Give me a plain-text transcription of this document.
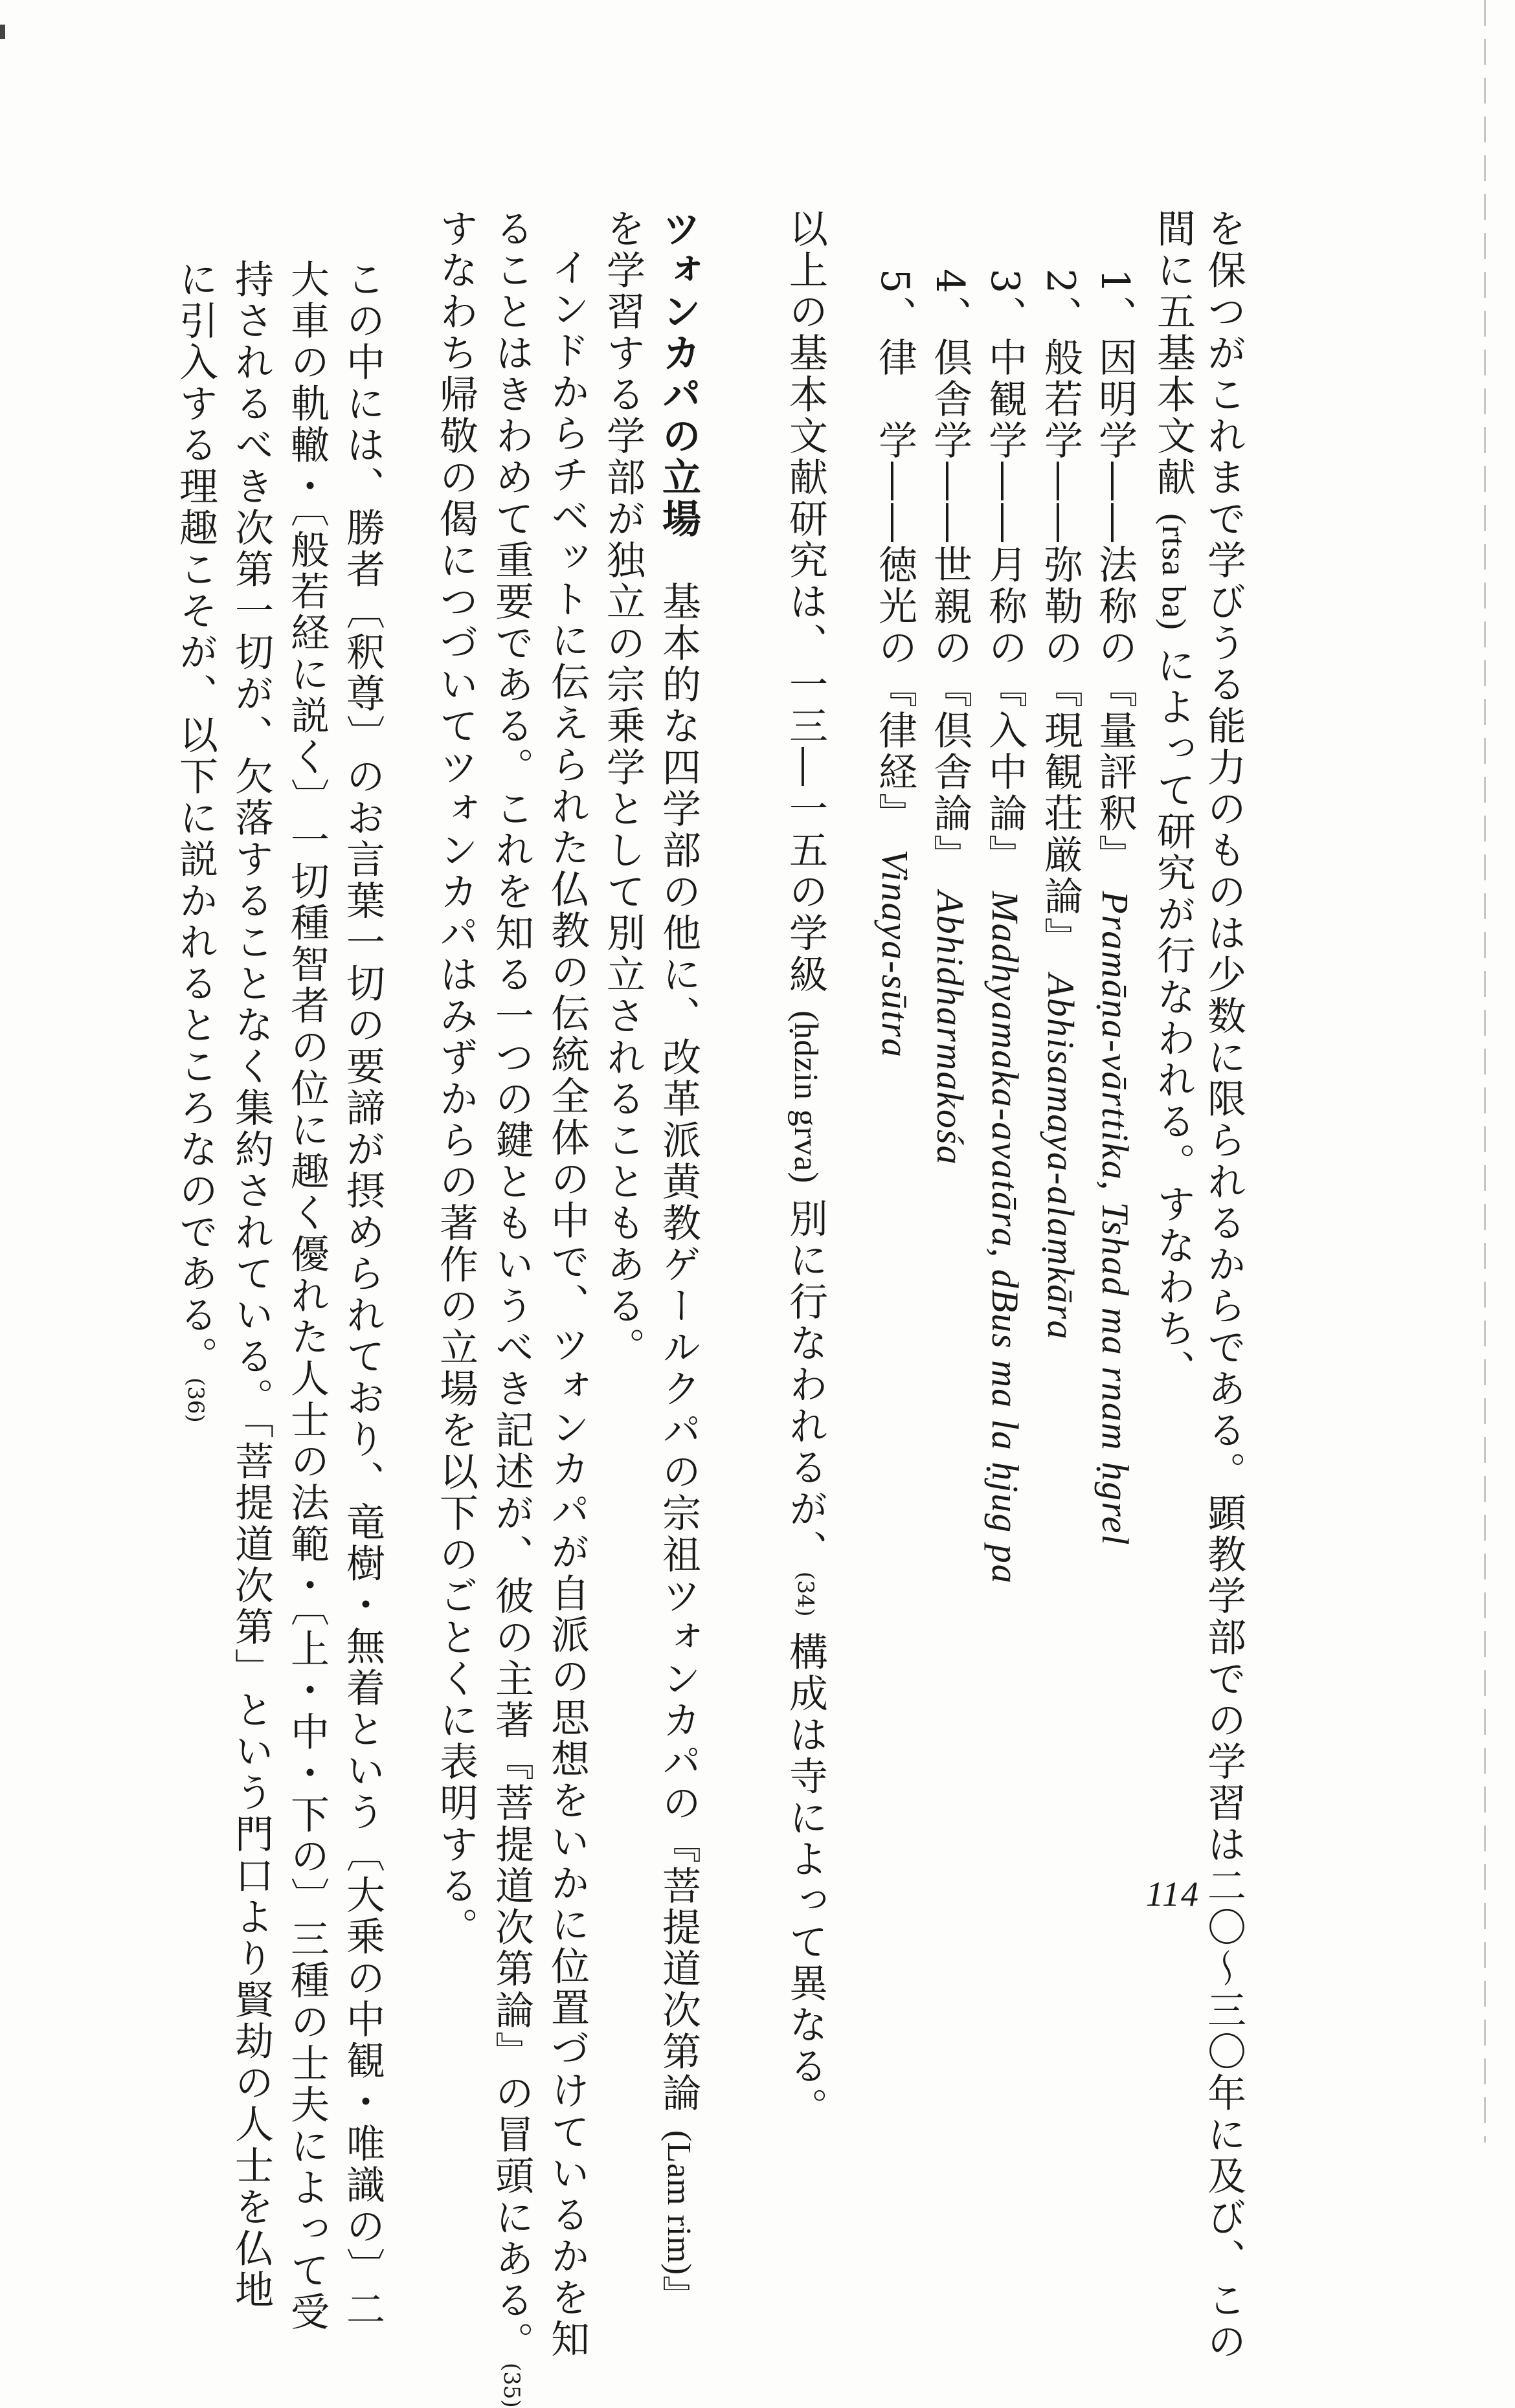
を保つがこれまで学びうる能力のものは少数に限られるからである。顕教学部での学習は二〇〜三〇年に及び、この
間に五基本文献 (rtsa ba) によって研究が行なわれる。すなわち、
1、因明学――法称の『量評釈』 Pramāṇa-vārttika, Tshad ma rnam ḥgrel
2、般若学――弥勒の『現観荘厳論』 Abhisamaya-alaṃkāra
3、中観学――月称の『入中論』 Madhyamaka-avatāra, dBus ma la ḥjug pa
4、倶舎学――世親の『倶舎論』 Abhidharmakośa
5、律　学――徳光の『律経』 Vinaya-sūtra
以上の基本文献研究は、一三―一五の学級 (ḥdzin grva) 別に行なわれるが、(34) 構成は寺によって異なる。
ツォンカパの立場　基本的な四学部の他に、改革派黄教ゲールクパの宗祖ツォンカパの『菩提道次第論 (Lam rim)』
を学習する学部が独立の宗乗学として別立されることもある。
インドからチベットに伝えられた仏教の伝統全体の中で、ツォンカパが自派の思想をいかに位置づけているかを知
ることはきわめて重要である。これを知る一つの鍵ともいうべき記述が、彼の主著『菩提道次第論』の冒頭にある。(35)
すなわち帰敬の偈につづいてツォンカパはみずからの著作の立場を以下のごとくに表明する。
この中には、勝者〔釈尊〕のお言葉一切の要諦が摂められており、竜樹・無着という〔大乗の中観・唯識の〕二
大車の軌轍・〔般若経に説く〕一切種智者の位に趣く優れた人士の法範・〔上・中・下の〕三種の士夫によって受
持されるべき次第一切が、欠落することなく集約されている。「菩提道次第」という門口より賢劫の人士を仏地
に引入する理趣こそが、以下に説かれるところなのである。(36)
114
